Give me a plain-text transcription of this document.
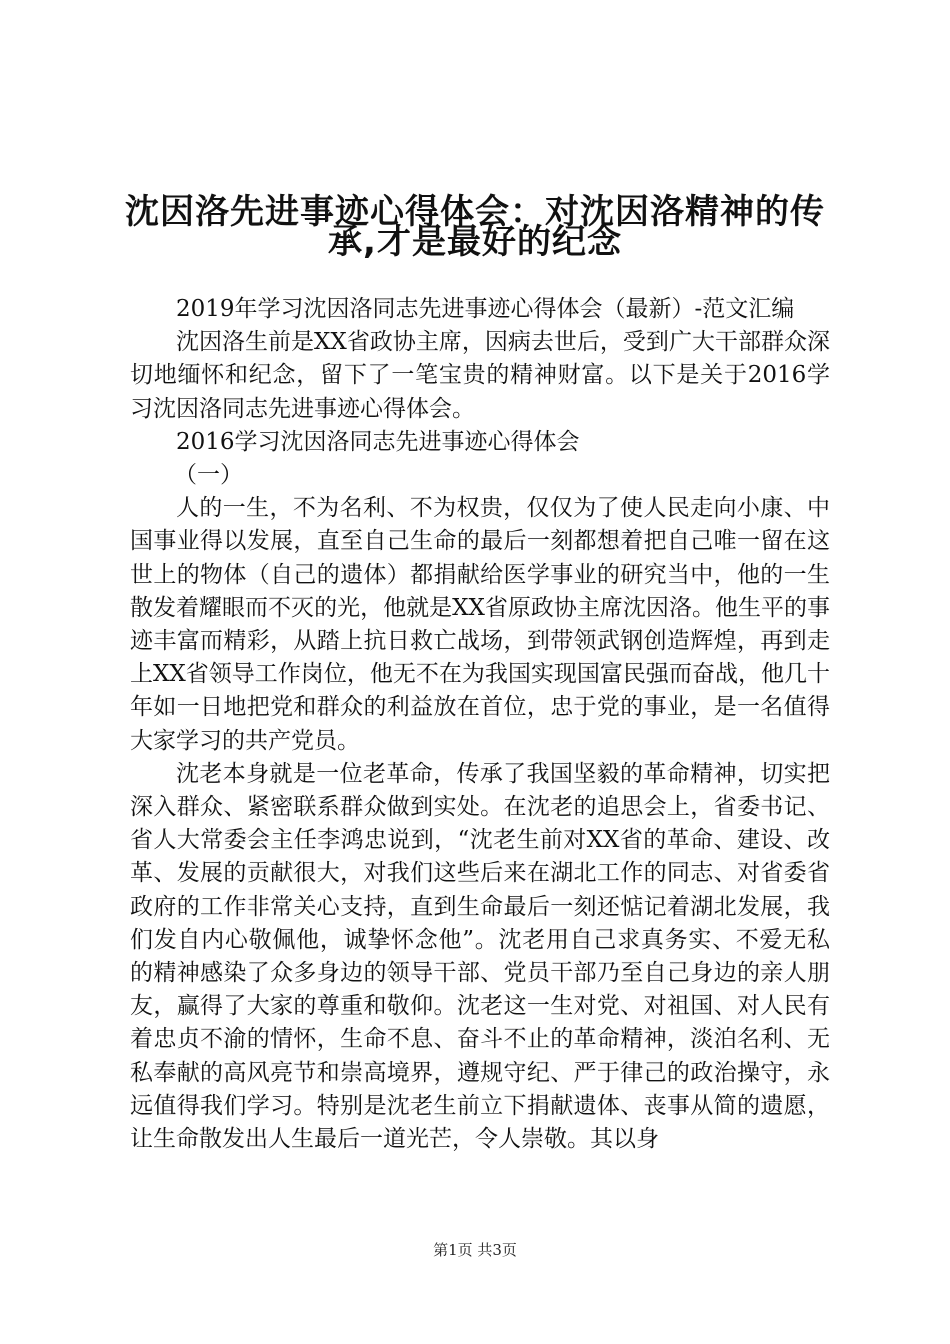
沈因洛先进事迹心得体会：对沈因洛精神的传
承,才是最好的纪念

2019年学习沈因洛同志先进事迹心得体会（最新）-范文汇编

沈因洛生前是XX省政协主席，因病去世后，受到广大干部群众深切地缅怀和纪念，留下了一笔宝贵的精神财富。以下是关于2016学习沈因洛同志先进事迹心得体会。

2016学习沈因洛同志先进事迹心得体会

（一）

人的一生，不为名利、不为权贵，仅仅为了使人民走向小康、中国事业得以发展，直至自己生命的最后一刻都想着把自己唯一留在这世上的物体（自己的遗体）都捐献给医学事业的研究当中，他的一生散发着耀眼而不灭的光，他就是XX省原政协主席沈因洛。他生平的事迹丰富而精彩，从踏上抗日救亡战场，到带领武钢创造辉煌，再到走上XX省领导工作岗位，他无不在为我国实现国富民强而奋战，他几十年如一日地把党和群众的利益放在首位，忠于党的事业，是一名值得大家学习的共产党员。

沈老本身就是一位老革命，传承了我国坚毅的革命精神，切实把深入群众、紧密联系群众做到实处。在沈老的追思会上，省委书记、省人大常委会主任李鸿忠说到，“沈老生前对XX省的革命、建设、改革、发展的贡献很大，对我们这些后来在湖北工作的同志、对省委省政府的工作非常关心支持，直到生命最后一刻还惦记着湖北发展，我们发自内心敬佩他，诚挚怀念他”。沈老用自己求真务实、不爱无私的精神感染了众多身边的领导干部、党员干部乃至自己身边的亲人朋友，赢得了大家的尊重和敬仰。沈老这一生对党、对祖国、对人民有着忠贞不渝的情怀，生命不息、奋斗不止的革命精神，淡泊名利、无私奉献的高风亮节和崇高境界，遵规守纪、严于律己的政治操守，永远值得我们学习。特别是沈老生前立下捐献遗体、丧事从简的遗愿，让生命散发出人生最后一道光芒，令人崇敬。其以身

第1页 共3页
